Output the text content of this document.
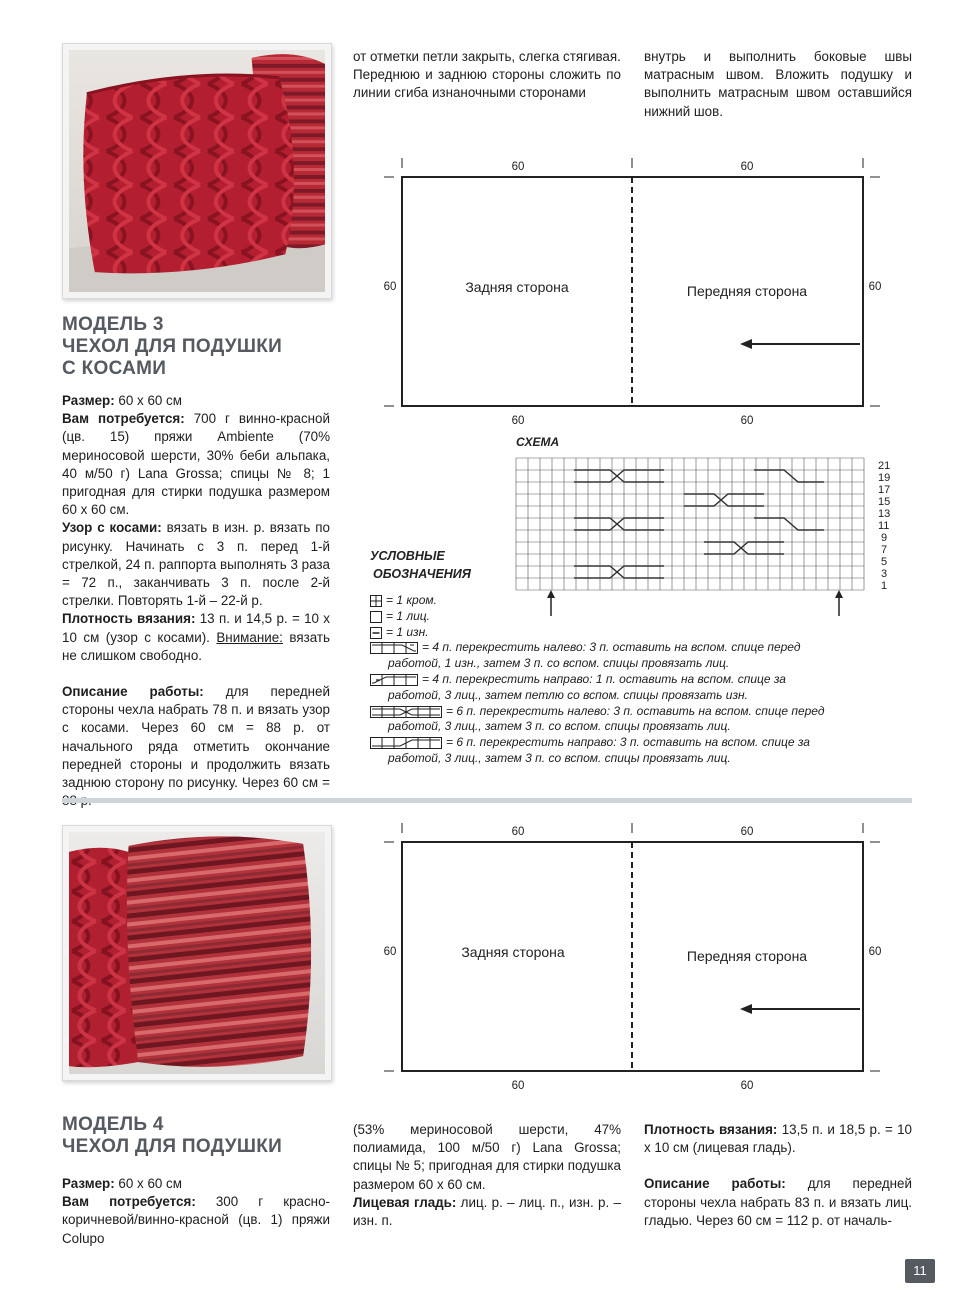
МОДЕЛЬ 3
ЧЕХОЛ ДЛЯ ПОДУШКИ
С КОСАМИ

Размер: 60 х 60 см

Вам потребуется: 700 г винно-красной (цв. 15) пряжи Ambiente (70% мериносовой шерсти, 30% беби альпака, 40 м/50 г) Lana Grossa; спицы № 8; 1 пригодная для стирки подушка размером 60 х 60 см.

Узор с косами: вязать в изн. р. вязать по рисунку. Начинать с 3 п. перед 1-й стрелкой, 24 п. раппорта выполнять 3 раза = 72 п., заканчивать 3 п. после 2-й стрелки. Повторять 1-й – 22-й р.

Плотность вязания: 13 п. и 14,5 р. = 10 х 10 см (узор с косами). Внимание: вязать не слишком свободно.

Описание работы: для передней стороны чехла набрать 78 п. и вязать узор с косами. Через 60 см = 88 р. от начального ряда отметить окончание передней стороны и продолжить вязать заднюю сторону по рисунку. Через 60 см =

от отметки петли закрыть, слегка стягивая.

Переднюю и заднюю стороны сложить по линии сгиба изнаночными сторонами

внутрь и выполнить боковые швы матрасным швом. Вложить подушку и выполнить матрасным швом оставшийся нижний шов.

60	60
60	60
Задняя сторона	Передняя сторона
60	60
СХЕМА
21
19
17
15
13
11
9
7
5
3
1
УСЛОВНЫЕ
ОБОЗНАЧЕНИЯ
= 1 кром.
= 1 лиц.
= 1 изн.
= 4 п. перекрестить налево: 3 п. оставить на вспом. спице перед
работой, 1 изн., затем 3 п. со вспом. спицы провязать лиц.
= 4 п. перекрестить направо: 1 п. оставить на вспом. спице за
работой, 3 лиц., затем петлю со вспом. спицы провязать изн.
= 6 п. перекрестить налево: 3 п. оставить на вспом. спице перед
работой, 3 лиц., затем 3 п. со вспом. спицы провязать лиц.
= 6 п. перекрестить направо: 3 п. оставить на вспом. спице за
работой, 3 лиц., затем 3 п. со вспом. спицы провязать лиц.
60	60
60	60
Задняя сторона	Передняя сторона
60	60
МОДЕЛЬ 4
ЧЕХОЛ ДЛЯ ПОДУШКИ

Размер: 60 х 60 см

Вам потребуется: 300 г красно-коричневой/винно-красной (цв. 1) пряжи Colupo

(53% мериносовой шерсти, 47% полиамида, 100 м/50 г) Lana Grossa; спицы № 5; пригодная для стирки подушка размером 60 х 60 см.

Лицевая гладь: лиц. р. – лиц. п., изн. р. – изн. п.

Плотность вязания: 13,5 п. и 18,5 р. = 10 х 10 см (лицевая гладь).

Описание работы: для передней стороны чехла набрать 83 п. и вязать лиц. гладью. Через 60 см = 112 р. от началь-

11
